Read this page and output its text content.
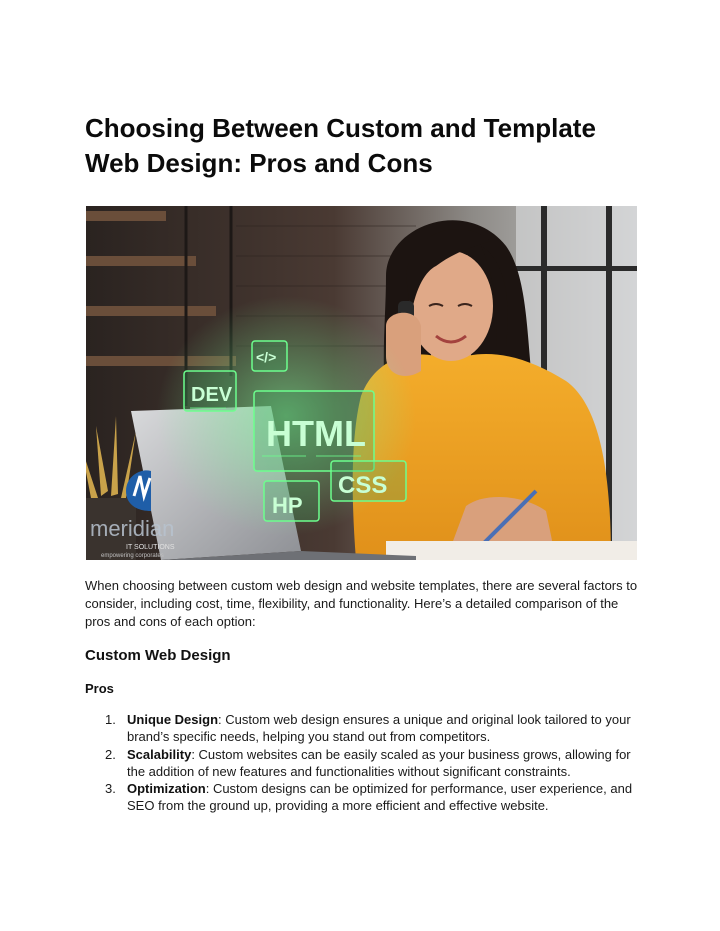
Choosing Between Custom and Template
Web Design: Pros and Cons
DEV
HTML
CSS
HP
</>
meridian
IT SOLUTIONS
empowering corporates

When choosing between custom web design and website templates, there are several factors to consider, including cost, time, flexibility, and functionality. Here’s a detailed comparison of the pros and cons of each option:

Custom Web Design
Pros
1. Unique Design: Custom web design ensures a unique and original look tailored to your brand’s specific needs, helping you stand out from competitors.
2. Scalability: Custom websites can be easily scaled as your business grows, allowing for the addition of new features and functionalities without significant constraints.
3. Optimization: Custom designs can be optimized for performance, user experience, and SEO from the ground up, providing a more efficient and effective website.
